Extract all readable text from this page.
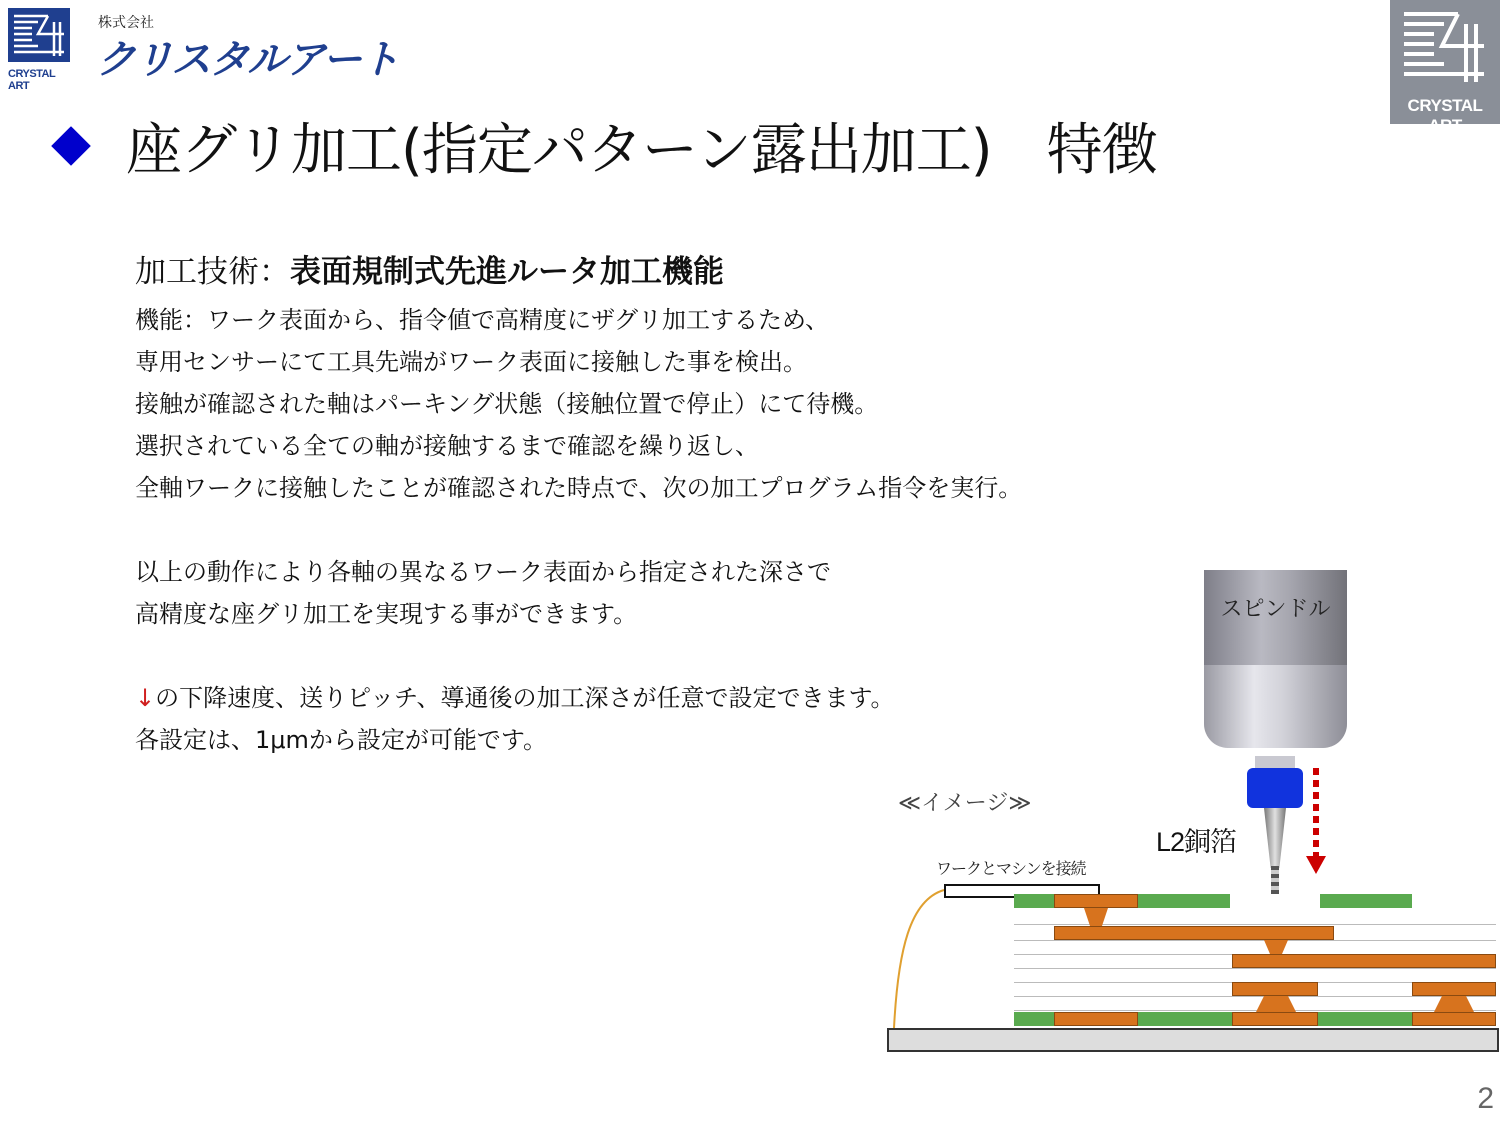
CRYSTAL ART
株式会社
クリスタルアート
CRYSTAL ART
座グリ加工(指定パターン露出加工)　特徴
加工技術：表面規制式先進ルータ加工機能
機能：ワーク表面から、指令値で高精度にザグリ加工するため、
専用センサーにて工具先端がワーク表面に接触した事を検出。
接触が確認された軸はパーキング状態（接触位置で停止）にて待機。
選択されている全ての軸が接触するまで確認を繰り返し、
全軸ワークに接触したことが確認された時点で、次の加工プログラム指令を実行。
以上の動作により各軸の異なるワーク表面から指定された深さで
高精度な座グリ加工を実現する事ができます。
↓の下降速度、送りピッチ、導通後の加工深さが任意で設定できます。
各設定は、1μmから設定が可能です。
スピンドル
≪イメージ≫
L2銅箔
ワークとマシンを接続
2
